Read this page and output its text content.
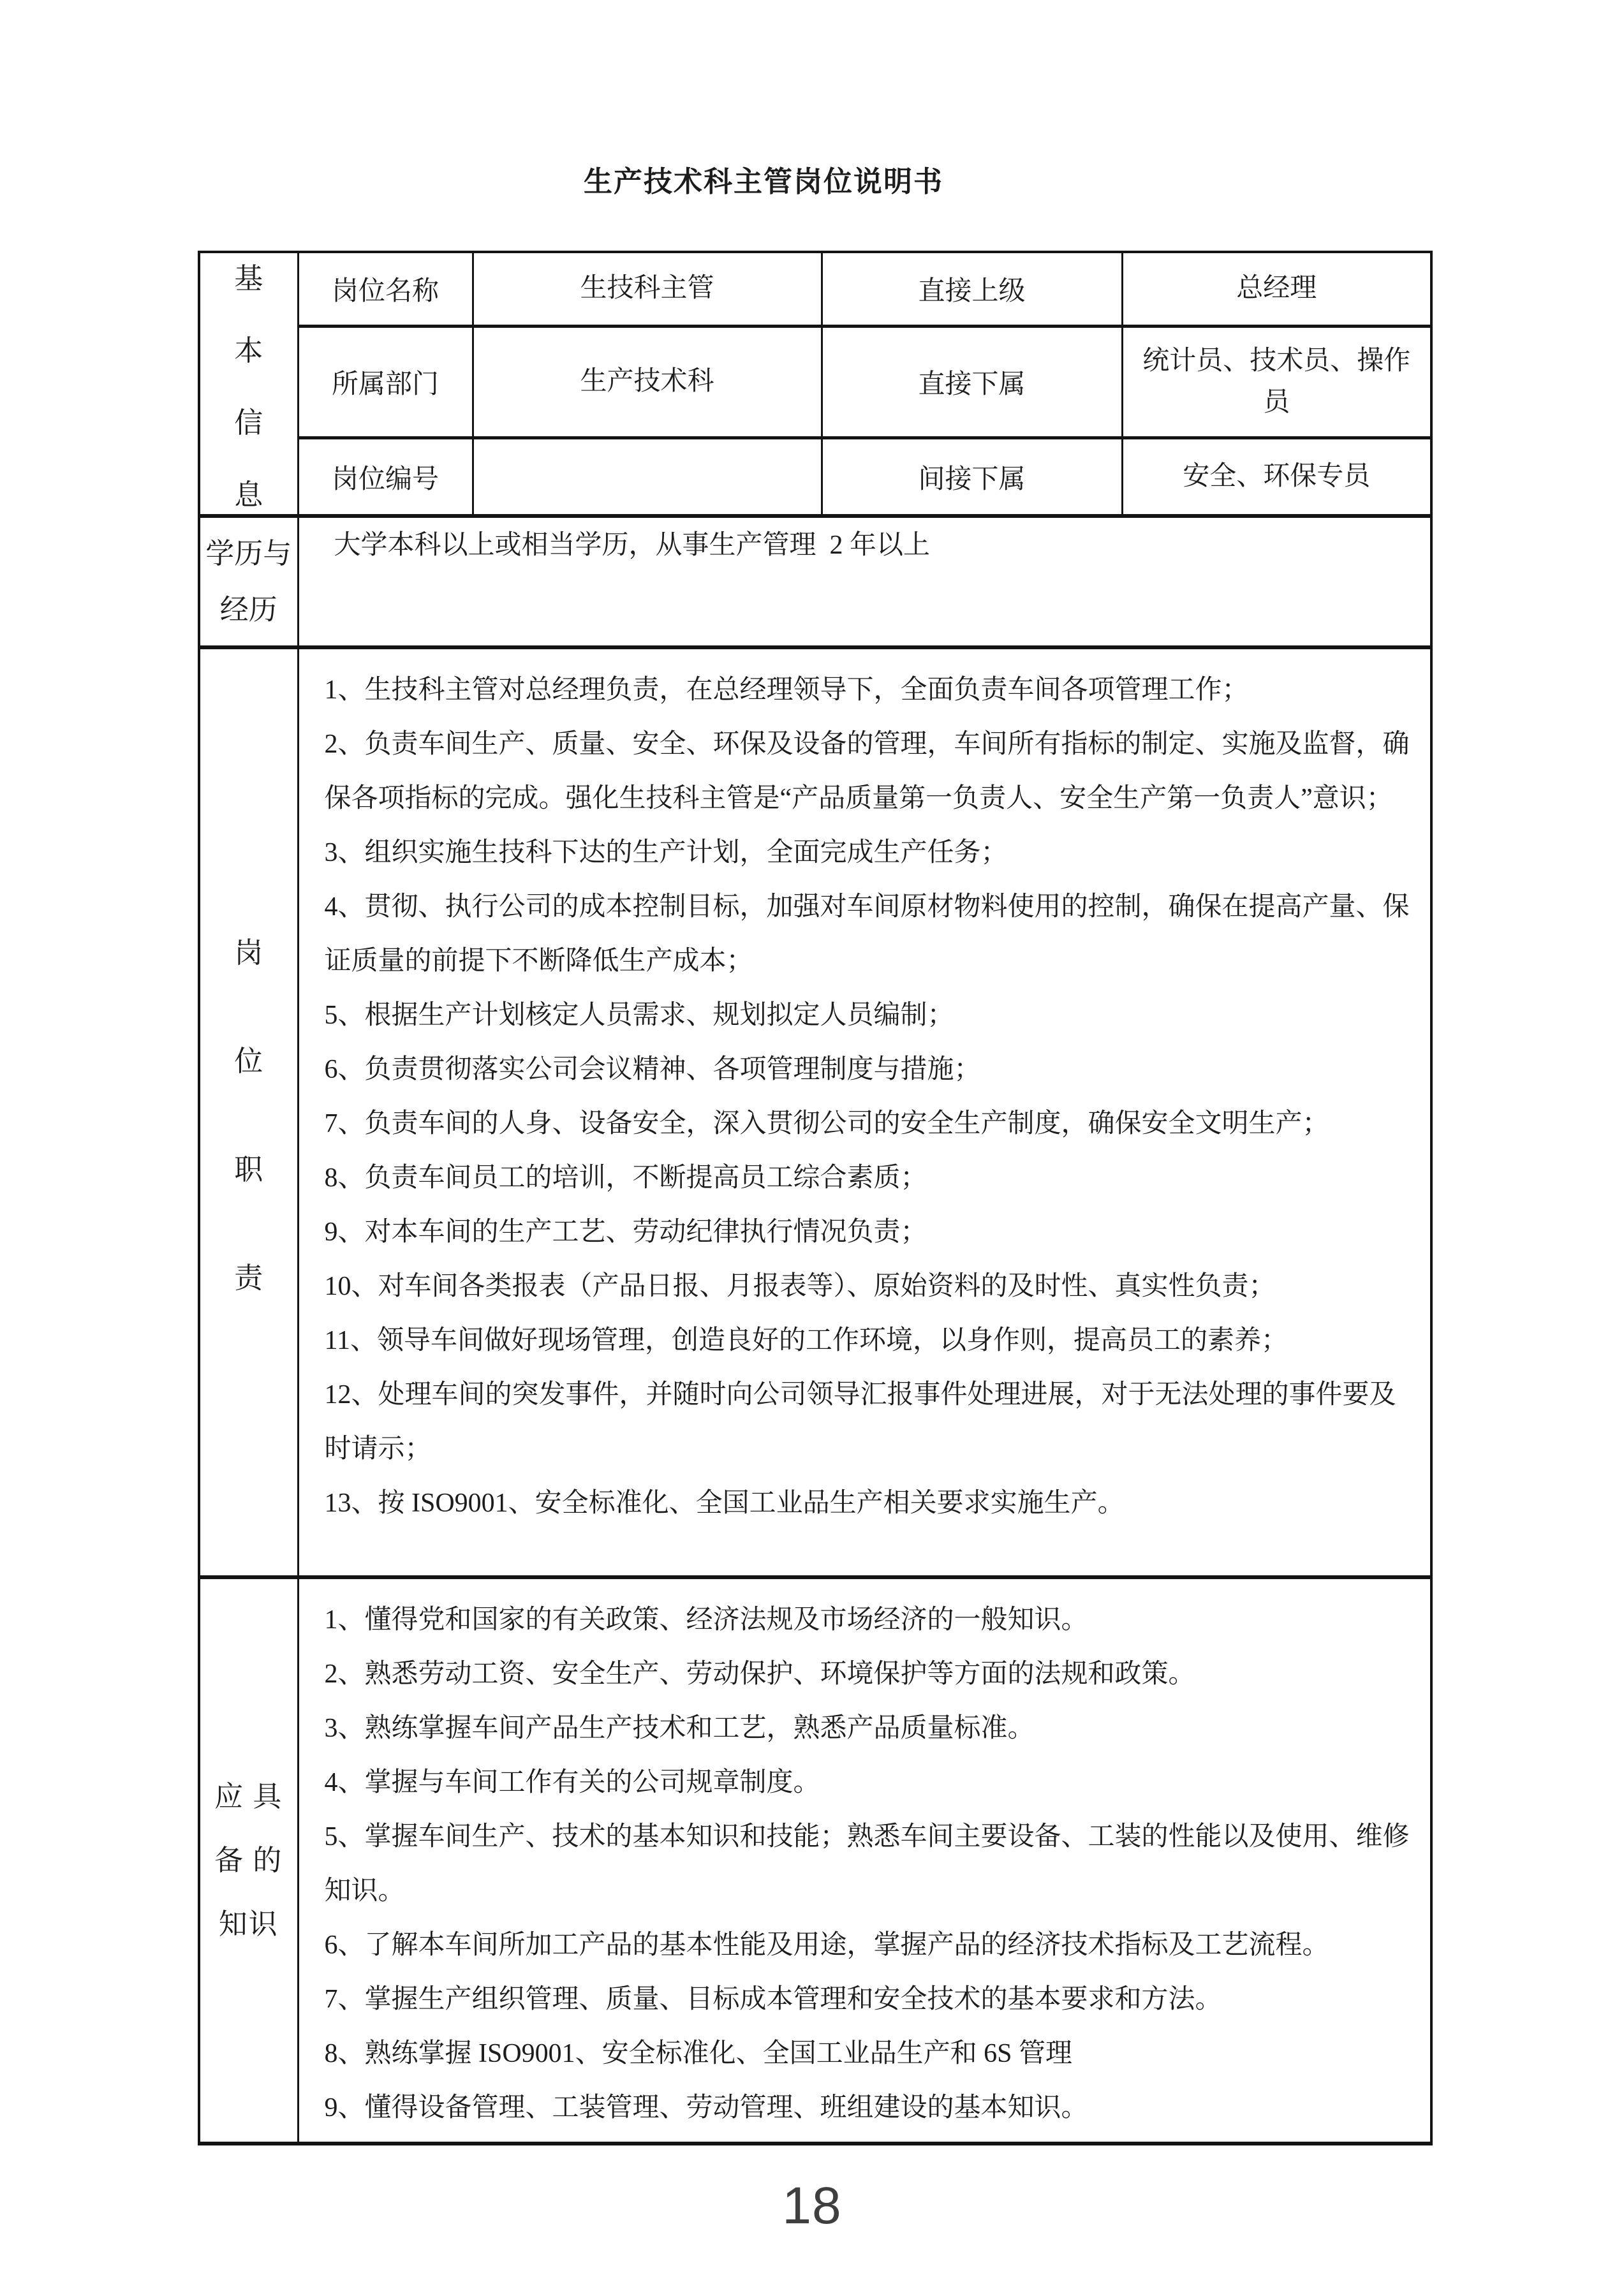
生产技术科主管岗位说明书
基
本
信
息	岗位名称	生技科主管	直接上级	总经理
	所属部门	生产技术科	直接下属	统计员、技术员、操作员
	岗位编号		间接下属	安全、环保专员

学历与
经历	大学本科以上或相当学历，从事生产管理  2 年以上			

岗
位
职
责

1、生技科主管对总经理负责，在总经理领导下，全面负责车间各项管理工作；

2、负责车间生产、质量、安全、环保及设备的管理，车间所有指标的制定、实施及监督，确保各项指标的完成。强化生技科主管是“产品质量第一负责人、安全生产第一负责人”意识；

3、组织实施生技科下达的生产计划，全面完成生产任务；

4、贯彻、执行公司的成本控制目标，加强对车间原材物料使用的控制，确保在提高产量、保证质量的前提下不断降低生产成本；

5、根据生产计划核定人员需求、规划拟定人员编制；

6、负责贯彻落实公司会议精神、各项管理制度与措施；

7、负责车间的人身、设备安全，深入贯彻公司的安全生产制度，确保安全文明生产；

8、负责车间员工的培训，不断提高员工综合素质；

9、对本车间的生产工艺、劳动纪律执行情况负责；

10、对车间各类报表（产品日报、月报表等）、原始资料的及时性、真实性负责；

11、领导车间做好现场管理，创造良好的工作环境，以身作则，提高员工的素养；

12、处理车间的突发事件，并随时向公司领导汇报事件处理进展，对于无法处理的事件要及时请示；

13、按 ISO9001、安全标准化、全国工业品生产相关要求实施生产。

应 具
备 的
知识

1、懂得党和国家的有关政策、经济法规及市场经济的一般知识。

2、熟悉劳动工资、安全生产、劳动保护、环境保护等方面的法规和政策。

3、熟练掌握车间产品生产技术和工艺，熟悉产品质量标准。

4、掌握与车间工作有关的公司规章制度。

5、掌握车间生产、技术的基本知识和技能；熟悉车间主要设备、工装的性能以及使用、维修知识。

6、了解本车间所加工产品的基本性能及用途，掌握产品的经济技术指标及工艺流程。

7、掌握生产组织管理、质量、目标成本管理和安全技术的基本要求和方法。

8、熟练掌握 ISO9001、安全标准化、全国工业品生产和 6S 管理

9、懂得设备管理、工装管理、劳动管理、班组建设的基本知识。

18
